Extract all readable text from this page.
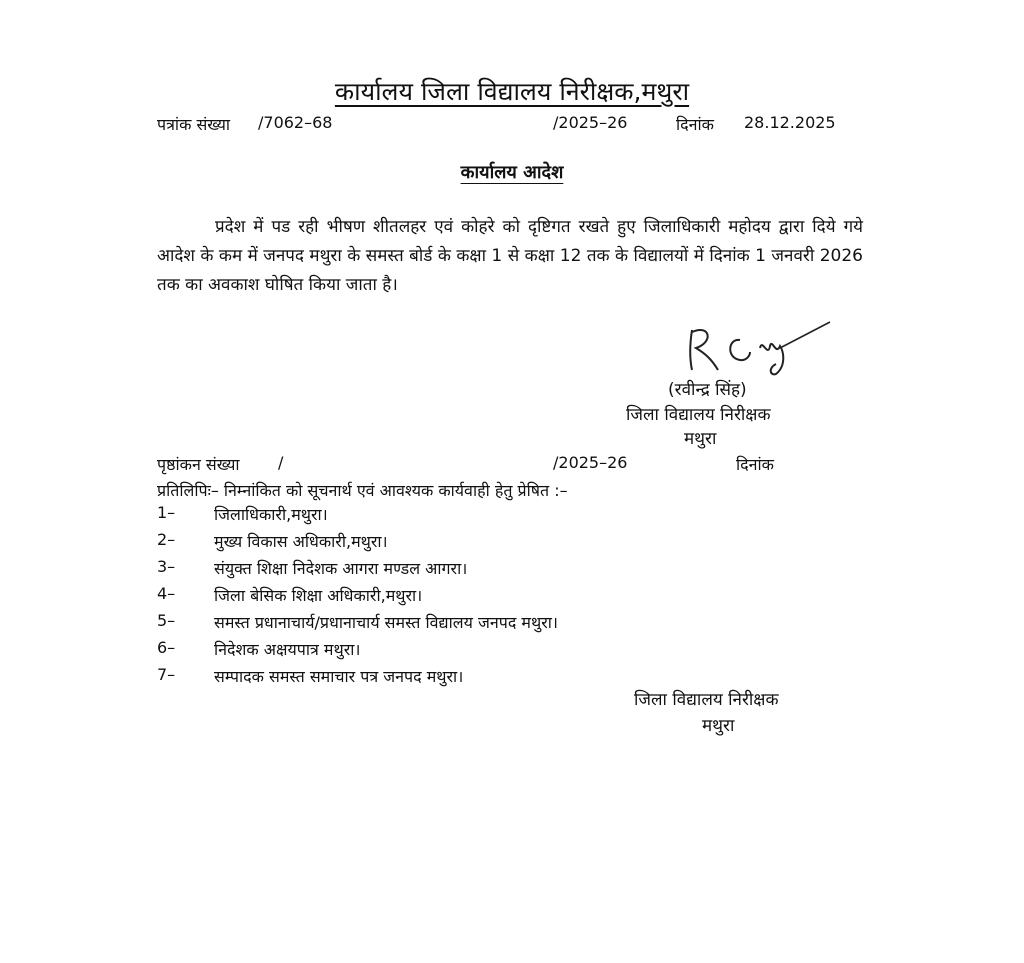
कार्यालय जिला विद्यालय निरीक्षक,मथुरा
पत्रांक संख्या /7062–68	/2025–26	दिनांक 28.12.2025
कार्यालय आदेश
प्रदेश में पड रही भीषण शीतलहर एवं कोहरे को दृष्टिगत रखते हुए जिलाधिकारी महोदय द्वारा दिये गये आदेश के कम में जनपद मथुरा के समस्त बोर्ड के कक्षा 1 से कक्षा 12 तक के विद्यालयों में दिनांक 1 जनवरी 2026 तक का अवकाश घोषित किया जाता है।
(रवीन्द्र सिंह)
जिला विद्यालय निरीक्षक
मथुरा
पृष्ठांकन संख्या /	/2025–26	दिनांक
प्रतिलिपिः– निम्नांकित को सूचनार्थ एवं आवश्यक कार्यवाही हेतु प्रेषित :–
1– जिलाधिकारी,मथुरा।
2– मुख्य विकास अधिकारी,मथुरा।
3– संयुक्त शिक्षा निदेशक आगरा मण्डल आगरा।
4– जिला बेसिक शिक्षा अधिकारी,मथुरा।
5– समस्त प्रधानाचार्य/प्रधानाचार्य समस्त विद्यालय जनपद मथुरा।
6– निदेशक अक्षयपात्र मथुरा।
7– सम्पादक समस्त समाचार पत्र जनपद मथुरा।
जिला विद्यालय निरीक्षक
मथुरा
